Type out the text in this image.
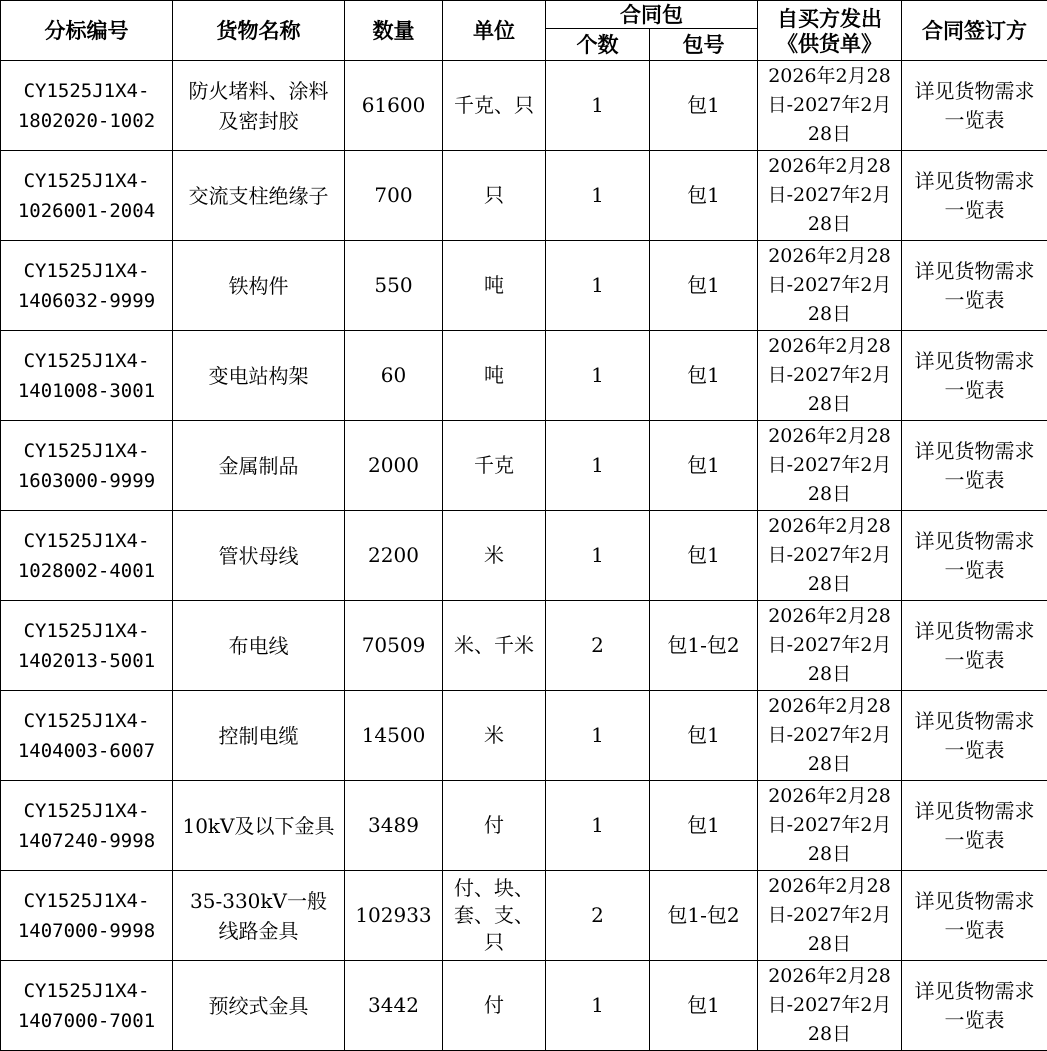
分标编号	货物名称	数量	单位	合同包		自买方发出《供货单》	合同签订方
				个数	包号		
CY1525J1X4-1802020-1002	防火堵料、涂料及密封胶	61600	千克、只	1	包1	2026年2月28日-2027年2月28日	详见货物需求一览表
CY1525J1X4-1026001-2004	交流支柱绝缘子	700	只	1	包1	2026年2月28日-2027年2月28日	详见货物需求一览表
CY1525J1X4-1406032-9999	铁构件	550	吨	1	包1	2026年2月28日-2027年2月28日	详见货物需求一览表
CY1525J1X4-1401008-3001	变电站构架	60	吨	1	包1	2026年2月28日-2027年2月28日	详见货物需求一览表
CY1525J1X4-1603000-9999	金属制品	2000	千克	1	包1	2026年2月28日-2027年2月28日	详见货物需求一览表
CY1525J1X4-1028002-4001	管状母线	2200	米	1	包1	2026年2月28日-2027年2月28日	详见货物需求一览表
CY1525J1X4-1402013-5001	布电线	70509	米、千米	2	包1-包2	2026年2月28日-2027年2月28日	详见货物需求一览表
CY1525J1X4-1404003-6007	控制电缆	14500	米	1	包1	2026年2月28日-2027年2月28日	详见货物需求一览表
CY1525J1X4-1407240-9998	10kV及以下金具	3489	付	1	包1	2026年2月28日-2027年2月28日	详见货物需求一览表
CY1525J1X4-1407000-9998	35-330kV一般线路金具	102933	付、块、套、支、只	2	包1-包2	2026年2月28日-2027年2月28日	详见货物需求一览表
CY1525J1X4-1407000-7001	预绞式金具	3442	付	1	包1	2026年2月28日-2027年2月28日	详见货物需求一览表
